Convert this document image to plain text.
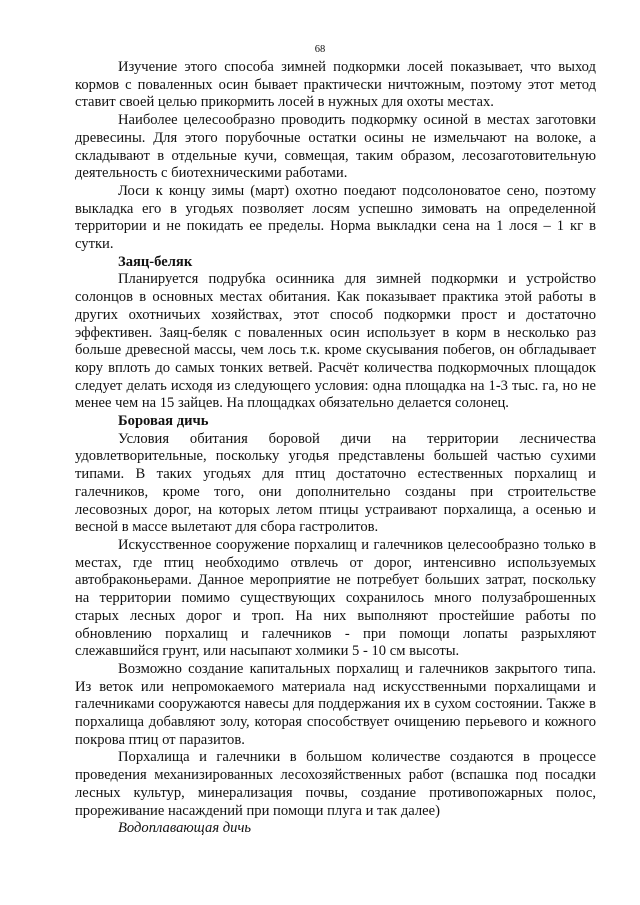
68

Изучение этого способа зимней подкормки лосей показывает, что выход кормов с поваленных осин бывает практически ничтожным, поэтому этот метод ставит своей целью прикормить лосей в нужных для охоты местах.

Наиболее целесообразно проводить подкормку осиной в местах заготовки древесины. Для этого порубочные остатки осины не измельчают на волоке, а складывают в отдельные кучи, совмещая, таким образом, лесозаготовительную деятельность с биотехническими работами.

Лоси к концу зимы (март) охотно поедают подсолоноватое сено, поэтому выкладка его в угодьях позволяет лосям успешно зимовать на определенной территории и не покидать ее пределы. Норма выкладки сена на 1 лося – 1 кг в сутки.

Заяц-беляк

Планируется подрубка осинника для зимней подкормки и устройство солонцов в основных местах обитания. Как показывает практика этой работы в других охотничьих хозяйствах, этот способ подкормки прост и достаточно эффективен. Заяц-беляк с поваленных осин использует в корм в несколько раз больше древесной массы, чем лось т.к. кроме скусывания побегов, он обгладывает кору вплоть до самых тонких ветвей. Расчёт количества подкормочных площадок следует делать исходя из следующего условия: одна площадка на 1-3 тыс. га, но не менее чем на 15 зайцев. На площадках обязательно делается солонец.

Боровая дичь

Условия обитания боровой дичи на территории лесничества удовлетворительные, поскольку угодья представлены большей частью сухими типами. В таких угодьях для птиц достаточно естественных порхалищ и галечников, кроме того, они дополнительно созданы при строительстве лесовозных дорог, на которых летом птицы устраивают порхалища, а осенью и весной в массе вылетают для сбора гастролитов.

Искусственное сооружение порхалищ и галечников целесообразно только в местах, где птиц необходимо отвлечь от дорог, интенсивно используемых автобраконьерами. Данное мероприятие не потребует больших затрат, поскольку на территории помимо существующих сохранилось много полузаброшенных старых лесных дорог и троп. На них выполняют простейшие работы по обновлению порхалищ и галечников - при помощи лопаты разрыхляют слежавшийся грунт, или насыпают холмики 5 - 10 см высоты.

Возможно создание капитальных порхалищ и галечников закрытого типа. Из веток или непромокаемого материала над искусственными порхалищами и галечниками сооружаются навесы для поддержания их в сухом состоянии. Также в порхалища добавляют золу, которая способствует очищению перьевого и кожного покрова птиц от паразитов.

Порхалища и галечники в большом количестве создаются в процессе проведения механизированных лесохозяйственных работ (вспашка под посадки лесных культур, минерализация почвы, создание противопожарных полос, прореживание насаждений при помощи плуга и так далее)

Водоплавающая дичь
